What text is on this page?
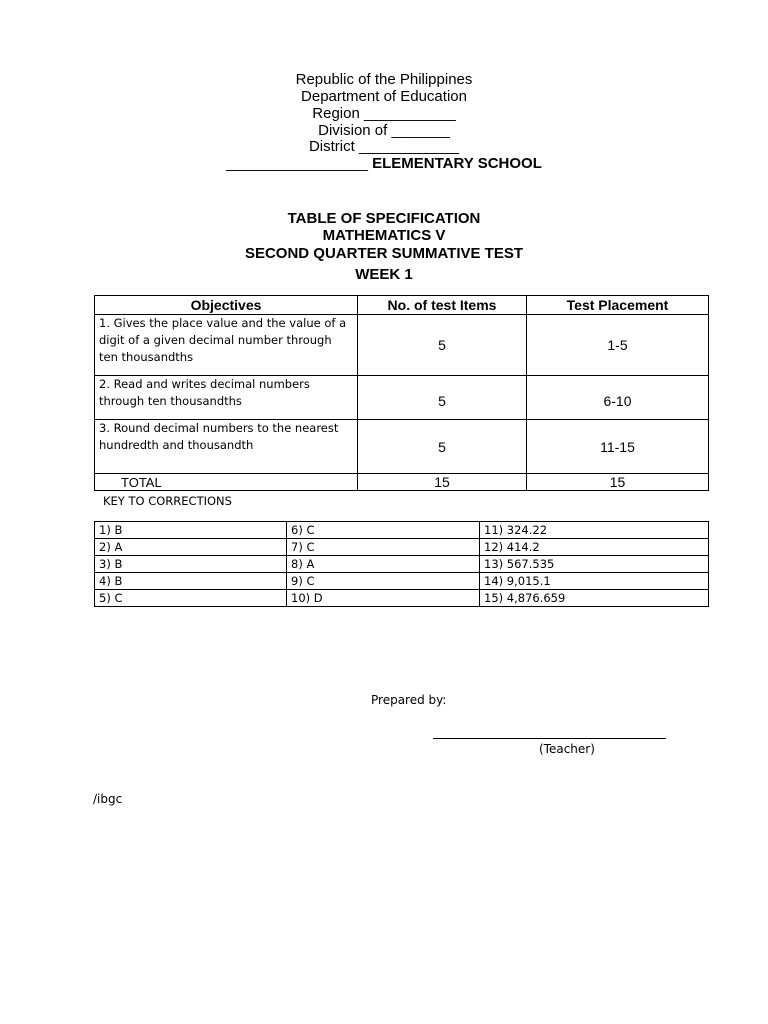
Republic of the Philippines
Department of Education
Region ___________
Division of _______
District ____________
_________________ ELEMENTARY SCHOOL
TABLE OF SPECIFICATION
MATHEMATICS V
SECOND QUARTER SUMMATIVE TEST
WEEK 1
Objectives	No. of test Items	Test Placement
1. Gives the place value and the value of a digit of a given decimal number through ten thousandths	5	1-5
2. Read and writes decimal numbers through ten thousandths	5	6-10
3. Round decimal numbers to the nearest hundredth and thousandth	5	11-15
TOTAL	15	15
KEY TO CORRECTIONS
1) B	6) C	11) 324.22
2) A	7) C	12) 414.2
3) B	8) A	13) 567.535
4) B	9) C	14) 9,015.1
5) C	10) D	15) 4,876.659
Prepared by:
(Teacher)
/ibgc
